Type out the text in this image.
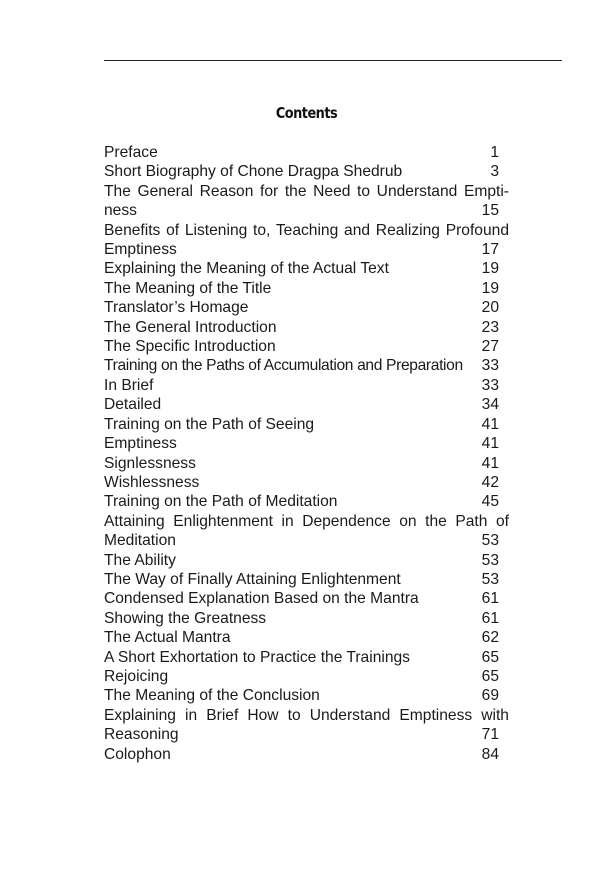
Contents
Preface	1
Short Biography of Chone Dragpa Shedrub	3
The General Reason for the Need to Understand Empti-
ness	15
Benefits of Listening to, Teaching and Realizing Profound
Emptiness	17
Explaining the Meaning of the Actual Text	19
The Meaning of the Title	19
Translator’s Homage	20
The General Introduction	23
The Specific Introduction	27
Training on the Paths of Accumulation and Preparation	33
In Brief	33
Detailed	34
Training on the Path of Seeing	41
Emptiness	41
Signlessness	41
Wishlessness	42
Training on the Path of Meditation	45
Attaining Enlightenment in Dependence on the Path of
Meditation	53
The Ability	53
The Way of Finally Attaining Enlightenment	53
Condensed Explanation Based on the Mantra	61
Showing the Greatness	61
The Actual Mantra	62
A Short Exhortation to Practice the Trainings	65
Rejoicing	65
The Meaning of the Conclusion	69
Explaining in Brief How to Understand Emptiness with
Reasoning	71
Colophon	84
